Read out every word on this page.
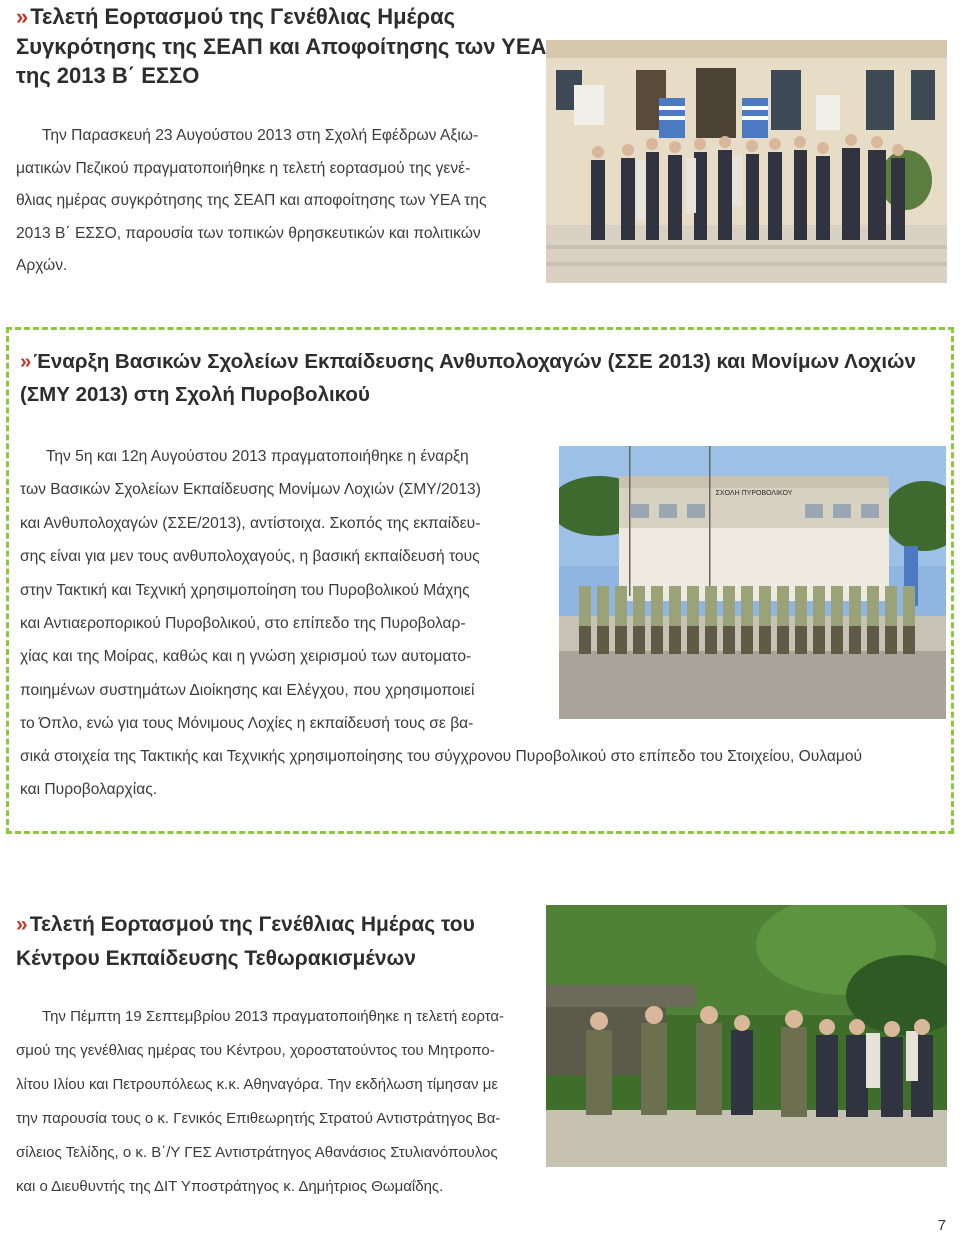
»Τελετή Εορτασμού της Γενέθλιας Ημέρας
Συγκρότησης της ΣΕΑΠ και Αποφοίτησης των ΥΕΑ
της 2013 Β΄ ΕΣΣΟ
Την Παρασκευή 23 Αυγούστου 2013 στη Σχολή Εφέδρων Αξιω-
ματικών Πεζικού πραγματοποιήθηκε η τελετή εορτασμού της γενέ-
θλιας ημέρας συγκρότησης της ΣΕΑΠ και αποφοίτησης των ΥΕΑ της
2013 Β΄ ΕΣΣΟ, παρουσία των τοπικών θρησκευτικών και πολιτικών
Αρχών.
»Έναρξη Βασικών Σχολείων Εκπαίδευσης Ανθυπολοχαγών (ΣΣΕ 2013) και Μονίμων Λοχιών
(ΣΜΥ 2013) στη Σχολή Πυροβολικού
Την 5η και 12η Αυγούστου 2013 πραγματοποιήθηκε η έναρξη
των Βασικών Σχολείων Εκπαίδευσης Μονίμων Λοχιών (ΣΜΥ/2013)
και Ανθυπολοχαγών (ΣΣΕ/2013), αντίστοιχα. Σκοπός της εκπαίδευ-
σης είναι για μεν τους ανθυπολοχαγούς, η βασική εκπαίδευσή τους
στην Τακτική και Τεχνική χρησιμοποίηση του Πυροβολικού Μάχης
και Αντιαεροπορικού Πυροβολικού, στο επίπεδο της Πυροβολαρ-
χίας και της Μοίρας, καθώς και η γνώση χειρισμού των αυτοματο-
ποιημένων συστημάτων Διοίκησης και Ελέγχου, που χρησιμοποιεί
το Όπλο, ενώ για τους Μόνιμους Λοχίες η εκπαίδευσή τους σε βα-
σικά στοιχεία της Τακτικής και Τεχνικής χρησιμοποίησης του σύγχρονου Πυροβολικού στο επίπεδο του Στοιχείου, Ουλαμού
και Πυροβολαρχίας.
ΣΧΟΛΗ ΠΥΡΟΒΟΛΙΚΟΥ
»Τελετή Εορτασμού της Γενέθλιας Ημέρας του
Κέντρου Εκπαίδευσης Τεθωρακισμένων
Την Πέμπτη 19 Σεπτεμβρίου 2013 πραγματοποιήθηκε η τελετή εορτα-
σμού της γενέθλιας ημέρας του Κέντρου, χοροστατούντος του Μητροπο-
λίτου Ιλίου και Πετρουπόλεως κ.κ. Αθηναγόρα. Την εκδήλωση τίμησαν με
την παρουσία τους ο κ. Γενικός Επιθεωρητής Στρατού Αντιστράτηγος Βα-
σίλειος Τελίδης, ο κ. Β΄/Υ ΓΕΣ Αντιστράτηγος Αθανάσιος Στυλιανόπουλος
και ο Διευθυντής της ΔΙΤ Υποστράτηγος κ. Δημήτριος Θωμαΐδης.
7
